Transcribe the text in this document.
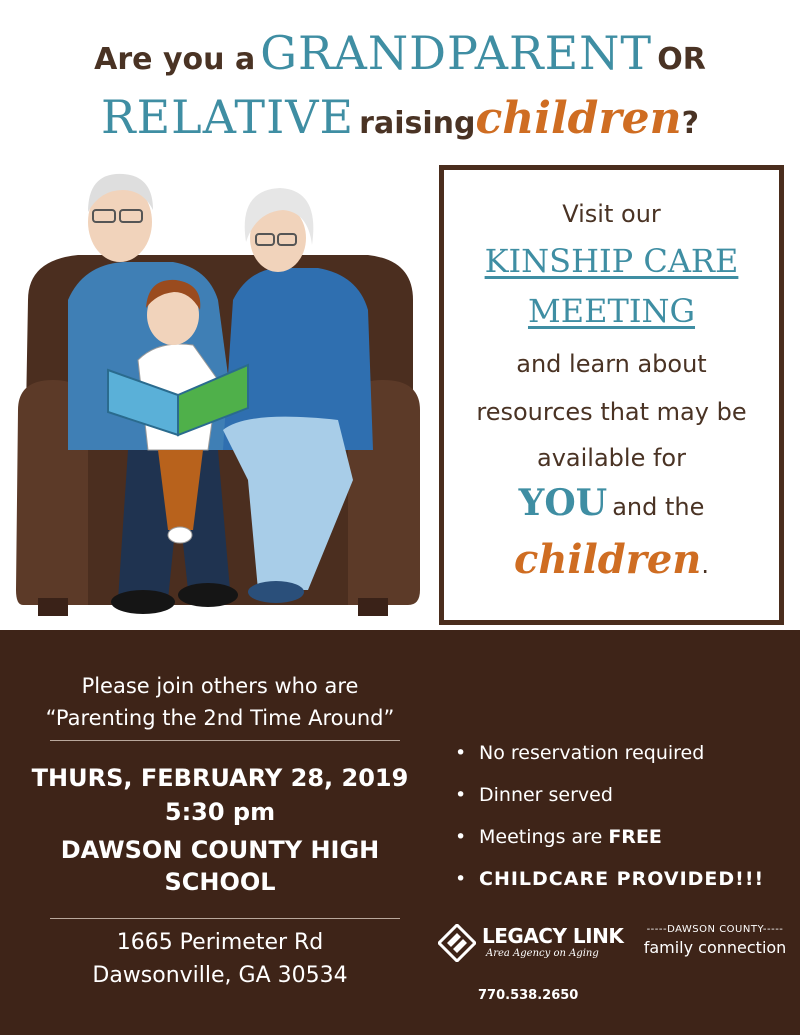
Are you a GRANDPARENT OR
RELATIVE raisingchildren?
Visit our
KINSHIP CARE
MEETING
and learn about
resources that may be
available for
YOU and the
children.
Please join others who are
“Parenting the 2nd Time Around”
THURS, FEBRUARY 28, 2019
5:30 pm
DAWSON COUNTY HIGH
SCHOOL
1665 Perimeter Rd
Dawsonville, GA 30534
• No reservation required
• Dinner served
• Meetings are FREE
• CHILDCARE PROVIDED!!!
LEGACY LINK
Area Agency on Aging
-----DAWSON COUNTY-----
family connection
770.538.2650
